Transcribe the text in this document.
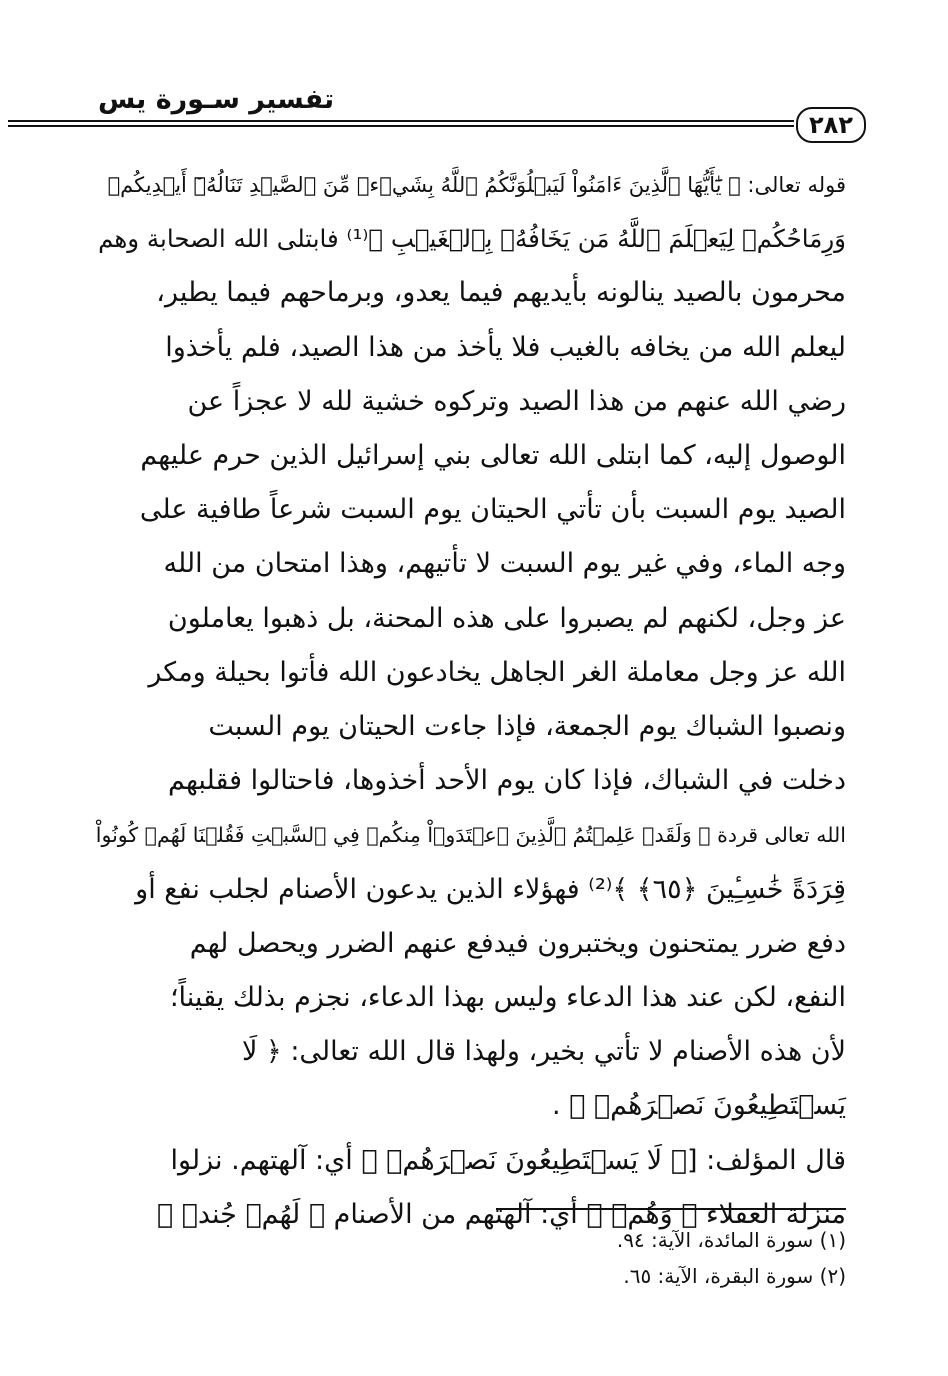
تفسير سـورة يس
٢٨٢

قوله تعالى: ﴿ يَٰٓأَيُّهَا ٱلَّذِينَ ءَامَنُواْ لَيَبۡلُوَنَّكُمُ ٱللَّهُ بِشَيۡءٖ مِّنَ ٱلصَّيۡدِ تَنَالُهُۥٓ أَيۡدِيكُمۡ

وَرِمَاحُكُمۡ لِيَعۡلَمَ ٱللَّهُ مَن يَخَافُهُۥ بِٱلۡغَيۡبِ ﴾⁽¹⁾ فابتلى الله الصحابة وهم

محرمون بالصيد ينالونه بأيديهم فيما يعدو، وبرماحهم فيما يطير،

ليعلم الله من يخافه بالغيب فلا يأخذ من هذا الصيد، فلم يأخذوا

رضي الله عنهم من هذا الصيد وتركوه خشية لله لا عجزاً عن

الوصول إليه، كما ابتلى الله تعالى بني إسرائيل الذين حرم عليهم

الصيد يوم السبت بأن تأتي الحيتان يوم السبت شرعاً طافية على

وجه الماء، وفي غير يوم السبت لا تأتيهم، وهذا امتحان من الله

عز وجل، لكنهم لم يصبروا على هذه المحنة، بل ذهبوا يعاملون

الله عز وجل معاملة الغر الجاهل يخادعون الله فأتوا بحيلة ومكر

ونصبوا الشباك يوم الجمعة، فإذا جاءت الحيتان يوم السبت

دخلت في الشباك، فإذا كان يوم الأحد أخذوها، فاحتالوا فقلبهم

الله تعالى قردة ﴿ وَلَقَدۡ عَلِمۡتُمُ ٱلَّذِينَ ٱعۡتَدَوۡاْ مِنكُمۡ فِي ٱلسَّبۡتِ فَقُلۡنَا لَهُمۡ كُونُواْ

قِرَدَةً خَٰسِـِٔينَ ﴿٦٥﴾ ﴾⁽²⁾ فهؤلاء الذين يدعون الأصنام لجلب نفع أو

دفع ضرر يمتحنون ويختبرون فيدفع عنهم الضرر ويحصل لهم

النفع، لكن عند هذا الدعاء وليس بهذا الدعاء، نجزم بذلك يقيناً؛

لأن هذه الأصنام لا تأتي بخير، ولهذا قال الله تعالى: ﴿ لَا

يَسۡتَطِيعُونَ نَصۡرَهُمۡ ﴾ .

قال المؤلف: [﴿ لَا يَسۡتَطِيعُونَ نَصۡرَهُمۡ ﴾ أي: آلهتهم. نزلوا

منزلة العقلاء ﴿ وَهُمۡ ﴾ أي: آلهتهم من الأصنام ﴿ لَهُمۡ جُندٞ ﴾

(١) سورة المائدة، الآية: ٩٤.
(٢) سورة البقرة، الآية: ٦٥.
